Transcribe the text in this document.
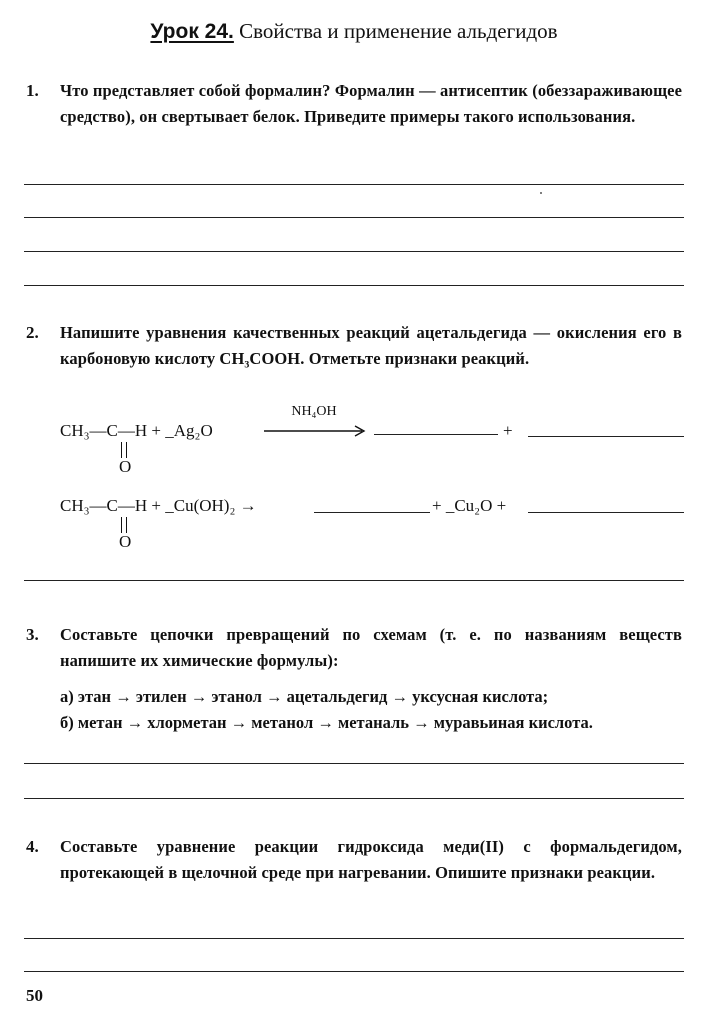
Урок 24. Свойства и применение альдегидов
1. Что представляет собой формалин? Формалин — антисептик (обеззараживающее средство), он свертывает белок. Приведите примеры такого использования.
2. Напишите уравнения качественных реакций ацетальдегида — окисления его в карбоновую кислоту CH₃COOH. Отметьте признаки реакций.
CH₃—C—H + _Ag₂O
NH₄OH
+
O
CH₃—C—H + _Cu(OH)₂ →	+ _Cu₂O +
O
3. Составьте цепочки превращений по схемам (т. е. по названиям веществ напишите их химические формулы):
а) этан → этилен → этанол → ацетальдегид → уксусная кислота;
б) метан → хлорметан → метанол → метаналь → муравьиная кислота.
4. Составьте уравнение реакции гидроксида меди(II) с формальдегидом, протекающей в щелочной среде при нагревании. Опишите признаки реакции.
50
